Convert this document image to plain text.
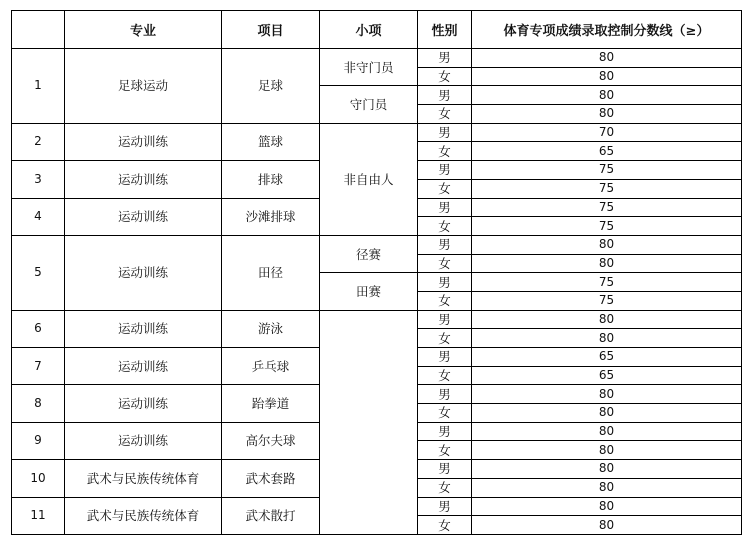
	专业	项目	小项	性别	体育专项成绩录取控制分数线（≥）
1	足球运动	足球	非守门员	男	80
				女	80
			守门员	男	80
				女	80
2	运动训练	篮球	非自由人	男	70
				女	65
3	运动训练	排球		男	75
				女	75
4	运动训练	沙滩排球		男	75
				女	75
5	运动训练	田径	径赛	男	80
				女	80
			田赛	男	75
				女	75
6	运动训练	游泳		男	80
				女	80
7	运动训练	乒乓球		男	65
				女	65
8	运动训练	跆拳道		男	80
				女	80
9	运动训练	高尔夫球		男	80
				女	80
10	武术与民族传统体育	武术套路		男	80
				女	80
11	武术与民族传统体育	武术散打		男	80
				女	80
